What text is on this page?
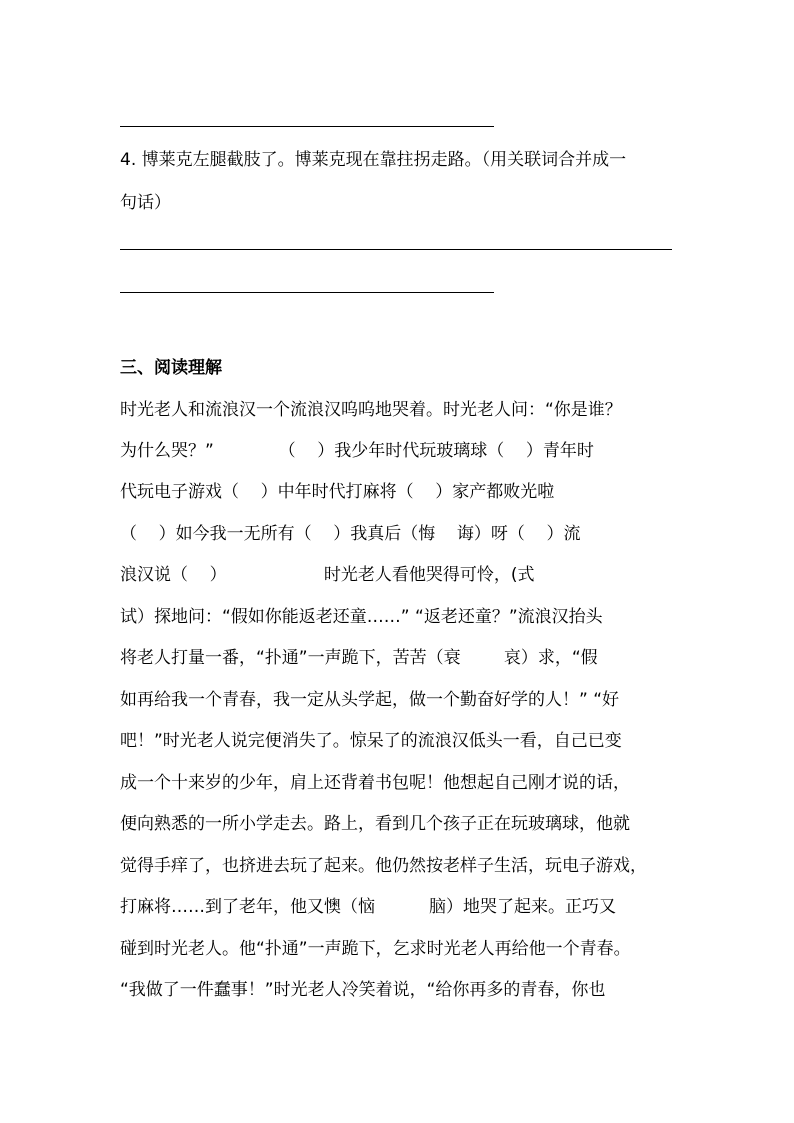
4. 博莱克左腿截肢了。博莱克现在靠拄拐走路。（用关联词合并成一

句话）

三、阅读理解

时光老人和流浪汉一个流浪汉呜呜地哭着。时光老人问：“你是谁？

为什么哭？”            （    ）我少年时代玩玻璃球（    ）青年时

代玩电子游戏（    ）中年时代打麻将（    ）家产都败光啦

（    ）如今我一无所有（    ）我真后（悔    诲）呀（    ）流

浪汉说（    ）                  时光老人看他哭得可怜，(式

试）探地问：“假如你能返老还童……” “返老还童？”流浪汉抬头

将老人打量一番，“扑通”一声跪下，苦苦（衰        哀）求，“假

如再给我一个青春，我一定从头学起，做一个勤奋好学的人！” “好

吧！”时光老人说完便消失了。惊呆了的流浪汉低头一看，自己已变

成一个十来岁的少年，肩上还背着书包呢！他想起自己刚才说的话，

便向熟悉的一所小学走去。路上，看到几个孩子正在玩玻璃球，他就

觉得手痒了，也挤进去玩了起来。他仍然按老样子生活，玩电子游戏，

打麻将……到了老年，他又懊（恼          脑）地哭了起来。正巧又

碰到时光老人。他“扑通”一声跪下，乞求时光老人再给他一个青春。

“我做了一件蠢事！”时光老人冷笑着说，“给你再多的青春，你也
